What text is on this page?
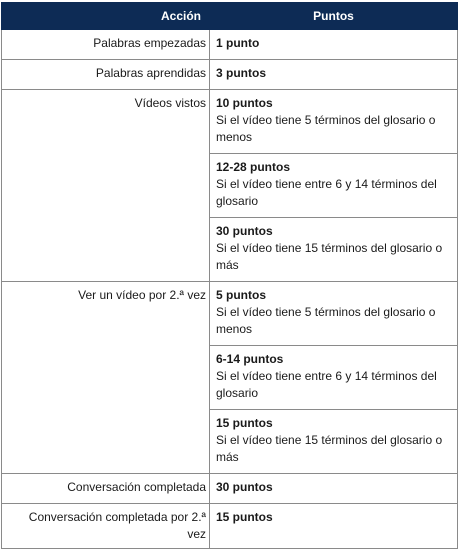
Acción	Puntos
Palabras empezadas	1 punto

Palabras aprendidas	3 puntos

Vídeos vistos	10 puntos
Si el vídeo tiene 5 términos del glosario o menos

	12-28 puntos
Si el vídeo tiene entre 6 y 14 términos del glosario

	30 puntos
Si el vídeo tiene 15 términos del glosario o más

Ver un vídeo por 2.ª vez	5 puntos
Si el vídeo tiene 5 términos del glosario o menos

	6-14 puntos
Si el vídeo tiene entre 6 y 14 términos del glosario

	15 puntos
Si el vídeo tiene 15 términos del glosario o más

Conversación completada	30 puntos

Conversación completada por 2.ª vez	15 puntos
